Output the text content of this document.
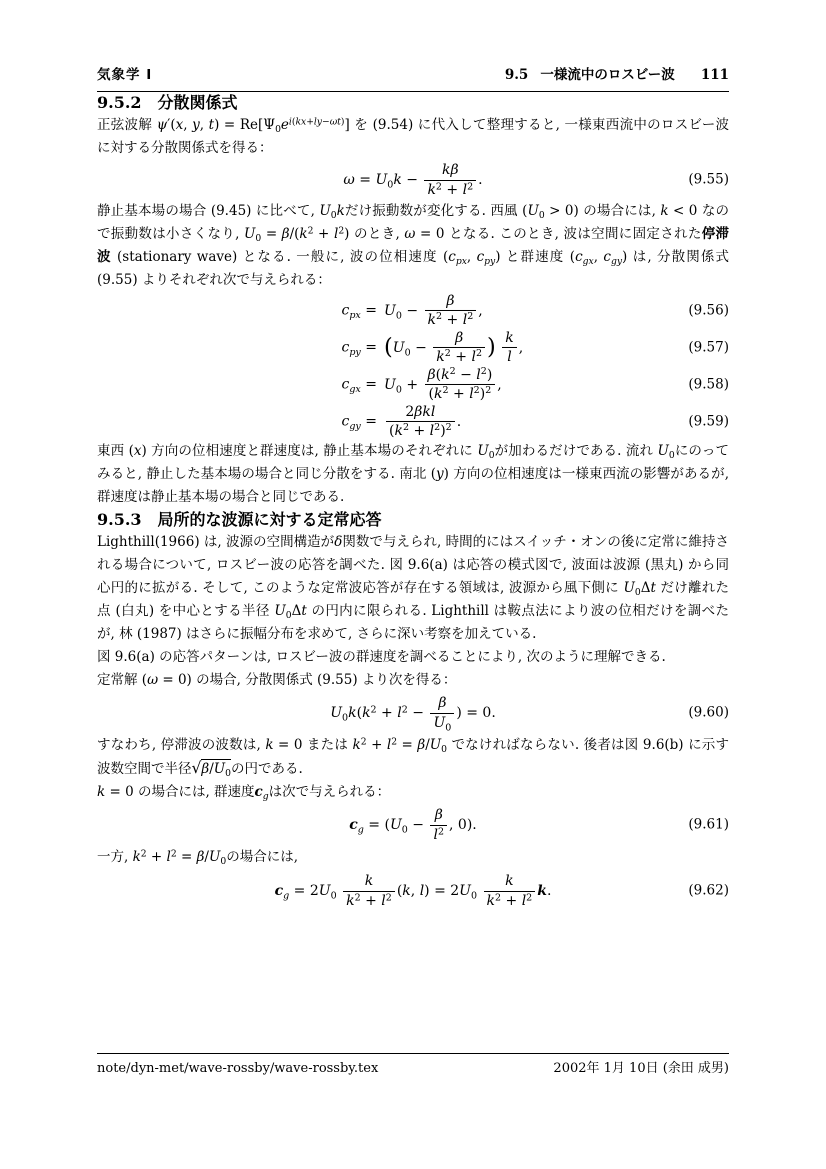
気象学 I	9.5 一様流中のロスビー波 111
9.5.2 分散関係式

正弦波解 ψ′(x, y, $t) = Re[\Psi_0e^{i(kx+ly-\omega t)}]$ を (9.54) に代入して整理すると, 一様東西流中のロスビー波に対する分散関係式を得る：

$\omega = U_0k - \frac{k\beta}{k^2 + l^2}$ .	(9.55)

静止基本場の場合 (9.45) に比べて, $U_0k$だけ振動数が変化する. 西風 $(U_0 > 0)$ の場合には, k < 0 なので振動数は小さくなり, $U_0 = \beta/(k^2 + l^2)$ のとき, ω = 0 となる. このとき, 波は空間に固定された停滞波 (stationary wave) となる. 一般に, 波の位相速度 ($c_{px}$, $c_{py}$) と群速度 ($c_{gx}$, $c_{gy}$) は, 分散関係式 (9.55) よりそれぞれ次で与えられる：

$c_{px} = U_0 - \frac{\beta}{k^2 + l^2}$ ,	(9.56)
$c_{py} = (U_0 - \frac{\beta}{k^2 + l^2}$ ) $\frac{k}{l}$ ,	(9.57)
$c_{gx} = U_0 + \frac{\beta(k^2 - l^2)}{(k^2 + l^2)^2}$ ,	(9.58)
$c_{gy}$ =
2βkl
$(k^2 + l^2)^2$ .	(9.59)

東西 (x) 方向の位相速度と群速度は, 静止基本場のそれぞれに $U_0$が加わるだけである. 流れ $U_0$にのってみると, 静止した基本場の場合と同じ分散をする. 南北 (y) 方向の位相速度は一様東西流の影響があるが, 群速度は静止基本場の場合と同じである.

9.5.3 局所的な波源に対する定常応答

Lighthill(1966) は, 波源の空間構造がδ関数で与えられ, 時間的にはスイッチ・オンの後に定常に維持される場合について, ロスビー波の応答を調べた. 図 9.6(a) は応答の模式図で, 波面は波源 (黒丸) から同心円的に拡がる. そして, このような定常波応答が存在する領域は, 波源から風下側に $U_0\Delta t$ だけ離れた点 (白丸) を中心とする半径 $U_0\Delta t$ の円内に限られる. Lighthill は鞍点法により波の位相だけを調べたが, 林 (1987) はさらに振幅分布を求めて, さらに深い考察を加えている.

図 9.6(a) の応答パターンは, ロスビー波の群速度を調べることにより, 次のように理解できる.

定常解 (ω = 0) の場合, 分散関係式 (9.55) より次を得る：

$U_0k(k^2 + l^2 - \frac{\beta}{U_0}$ ) = 0.	(9.60)

すなわち, 停滞波の波数は, k = 0 または $k^2 + l^2 = \beta/U_0$ でなければならない. 後者は図 9.6(b) に示す波数空間で半径$√\beta/U_0$の円である.

k = 0 の場合には, 群速度$c_g$は次で与えられる：

$c_g = (U_0 - \frac{\beta}{l^2}$ , 0).	(9.61)

一方, $k^2 + l^2 = \beta/U_0$の場合には,

$c_g = 2U_0 \frac{k}{k^2 + l^2} (k$, $l) = 2U_0 \frac{k}{k^2 + l^2} k$.	(9.62)
note/dyn-met/wave-rossby/wave-rossby.tex	2002年 1月 10日 (余田 成男)
